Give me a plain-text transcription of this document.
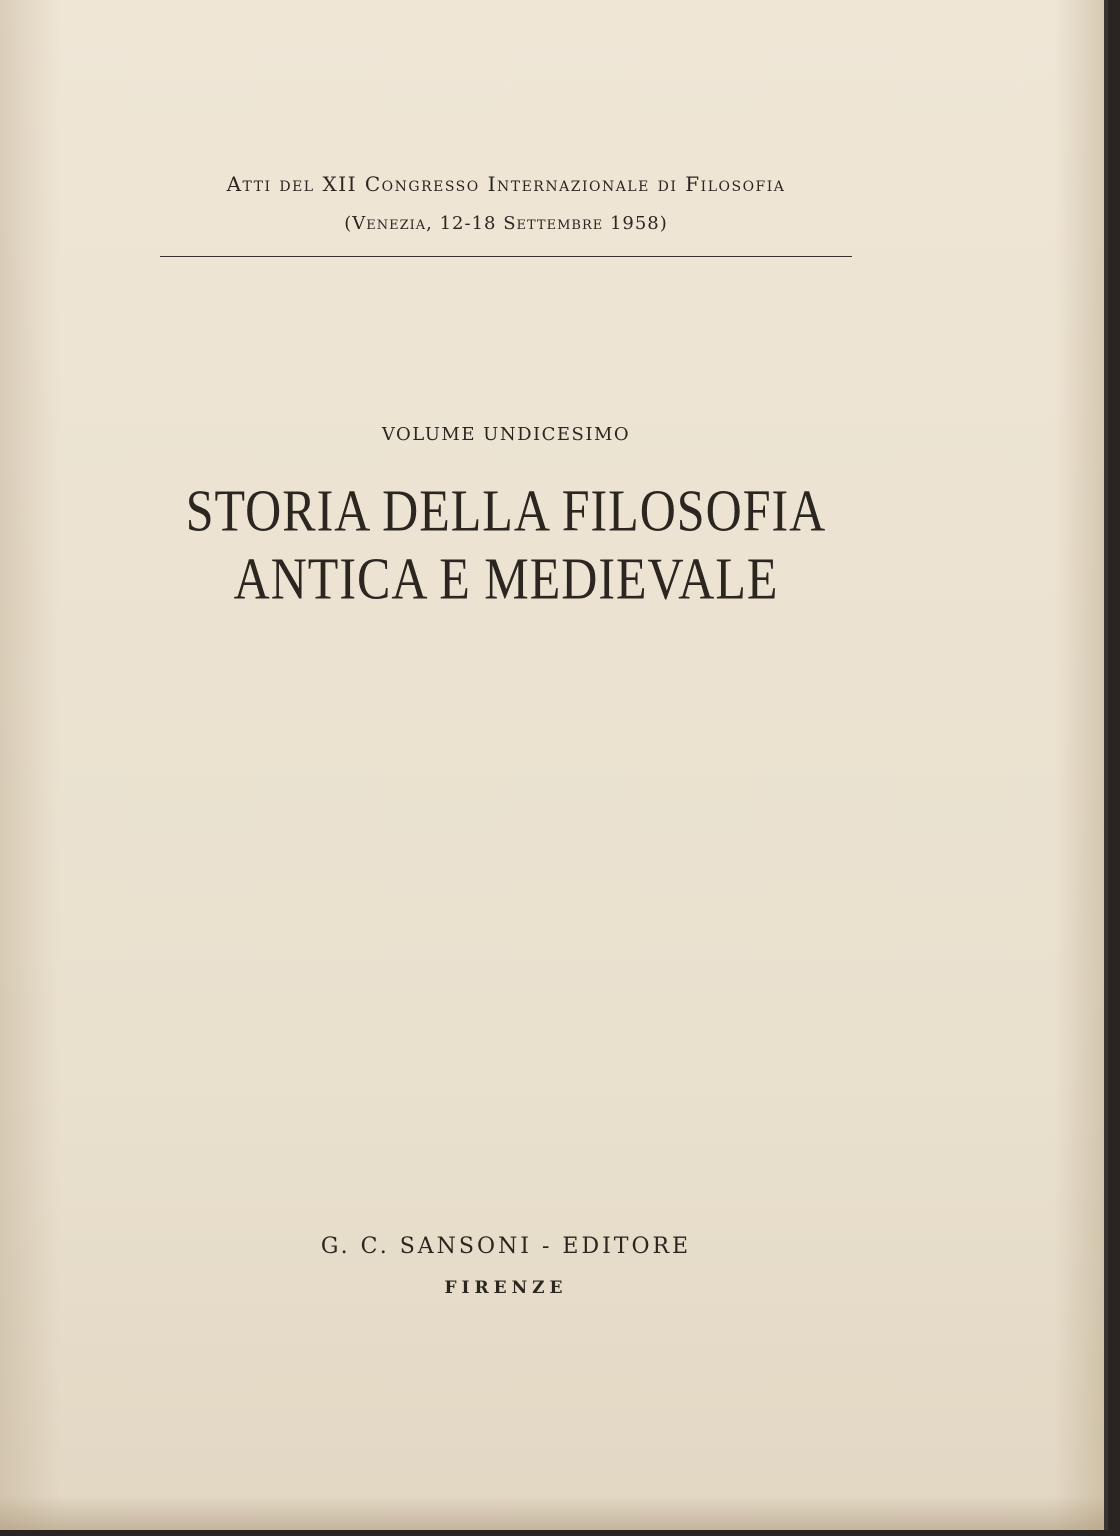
Atti del XII Congresso Internazionale di Filosofia
(Venezia, 12-18 Settembre 1958)
VOLUME UNDICESIMO
STORIA DELLA FILOSOFIA
ANTICA E MEDIEVALE
G. C. SANSONI - EDITORE
FIRENZE
